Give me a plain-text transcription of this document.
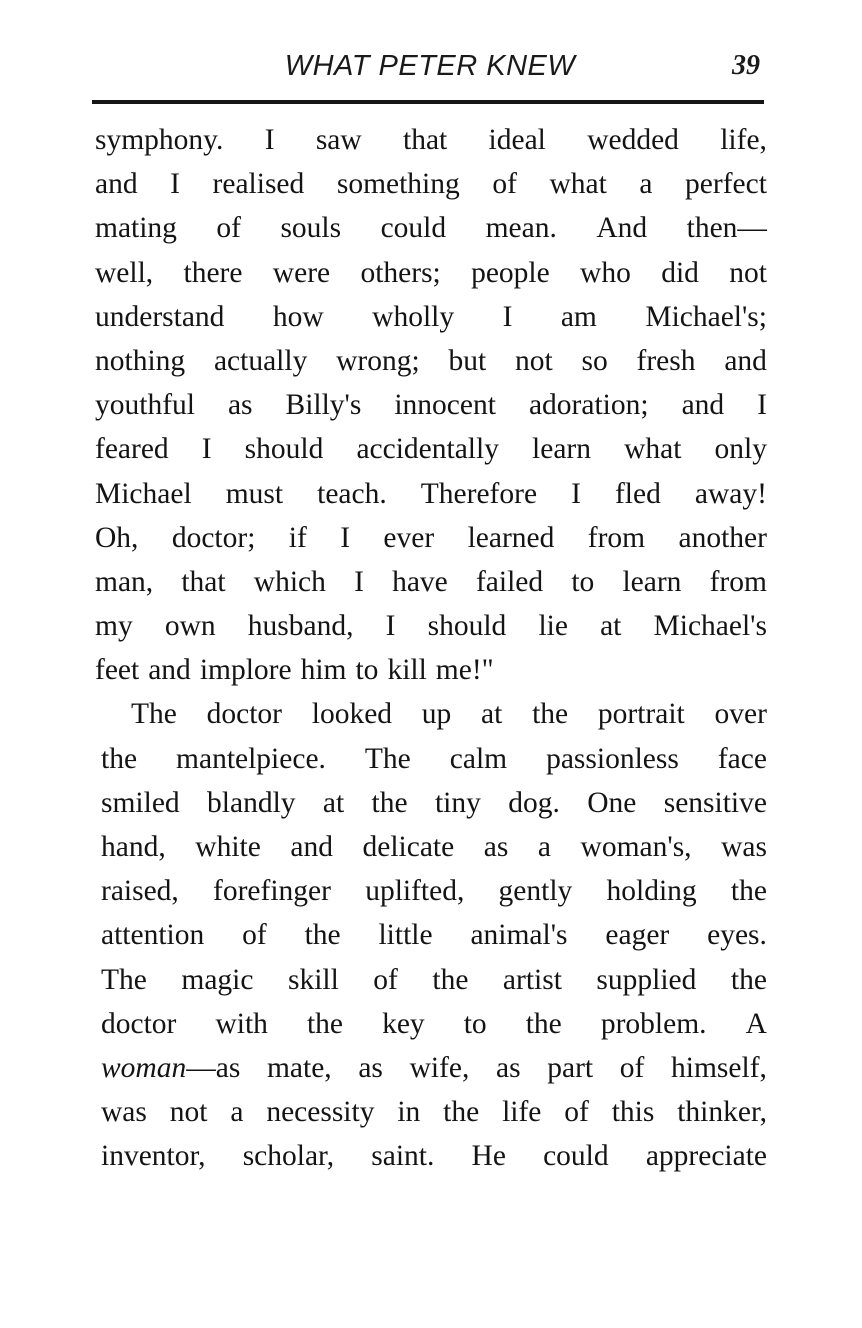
WHAT PETER KNEW	39
symphony. I saw that ideal wedded life,
and I realised something of what a perfect
mating of souls could mean. And then—
well, there were others; people who did not
understand how wholly I am Michael's;
nothing actually wrong; but not so fresh and
youthful as Billy's innocent adoration; and I
feared I should accidentally learn what only
Michael must teach. Therefore I fled away!
Oh, doctor; if I ever learned from another
man, that which I have failed to learn from
my own husband, I should lie at Michael's
feet and implore him to kill me!"
The doctor looked up at the portrait over
the mantelpiece. The calm passionless face
smiled blandly at the tiny dog. One sensitive
hand, white and delicate as a woman's, was
raised, forefinger uplifted, gently holding the
attention of the little animal's eager eyes.
The magic skill of the artist supplied the
doctor with the key to the problem. A
woman—as mate, as wife, as part of himself,
was not a necessity in the life of this thinker,
inventor, scholar, saint. He could appreciate
